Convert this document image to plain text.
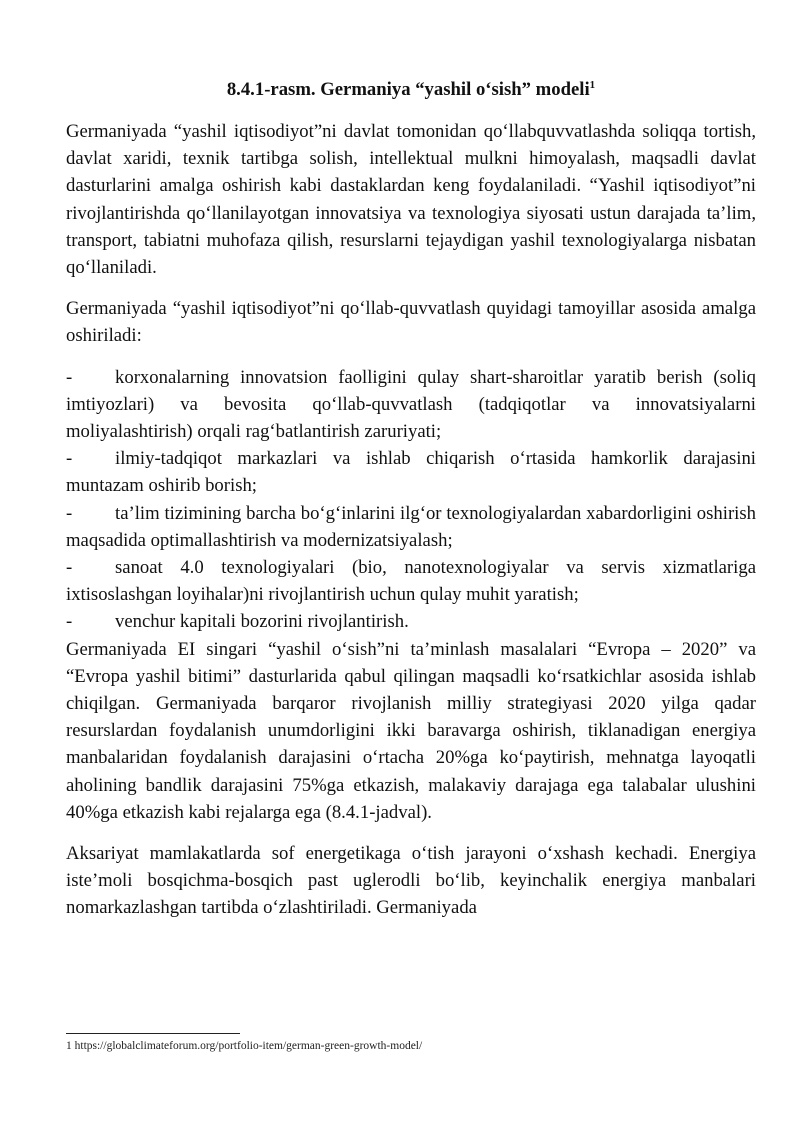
8.4.1-rasm. Germaniya “yashil o‘sish” modeli$^1$

Germaniyada “yashil iqtisodiyot”ni davlat tomonidan qo‘llabquvvatlashda soliqqa tortish, davlat xaridi, texnik tartibga solish, intellektual mulkni himoyalash, maqsadli davlat dasturlarini amalga oshirish kabi dastaklardan keng foydalaniladi. “Yashil iqtisodiyot”ni rivojlantirishda qo‘llanilayotgan innovatsiya va texnologiya siyosati ustun darajada ta’lim, transport, tabiatni muhofaza qilish, resurslarni tejaydigan yashil texnologiyalarga nisbatan qo‘llaniladi.

Germaniyada “yashil iqtisodiyot”ni qo‘llab-quvvatlash quyidagi tamoyillar asosida amalga oshiriladi:

- korxonalarning innovatsion faolligini qulay shart-sharoitlar yaratib berish (soliq imtiyozlari) va bevosita qo‘llab-quvvatlash (tadqiqotlar va innovatsiyalarni moliyalashtirish) orqali rag‘batlantirish zaruriyati;
- ilmiy-tadqiqot markazlari va ishlab chiqarish o‘rtasida hamkorlik darajasini muntazam oshirib borish;
- ta’lim tizimining barcha bo‘g‘inlarini ilg‘or texnologiyalardan xabardorligini oshirish maqsadida optimallashtirish va modernizatsiyalash;
- sanoat 4.0 texnologiyalari (bio, nanotexnologiyalar va servis xizmatlariga ixtisoslashgan loyihalar)ni rivojlantirish uchun qulay muhit yaratish;
- venchur kapitali bozorini rivojlantirish.

Germaniyada EI singari “yashil o‘sish”ni ta’minlash masalalari “Evropa – 2020” va “Evropa yashil bitimi” dasturlarida qabul qilingan maqsadli ko‘rsatkichlar asosida ishlab chiqilgan. Germaniyada barqaror rivojlanish milliy strategiyasi 2020 yilga qadar resurslardan foydalanish unumdorligini ikki baravarga oshirish, tiklanadigan energiya manbalaridan foydalanish darajasini o‘rtacha 20%ga ko‘paytirish, mehnatga layoqatli aholining bandlik darajasini 75%ga etkazish, malakaviy darajaga ega talabalar ulushini 40%ga etkazish kabi rejalarga ega (8.4.1-jadval).

Aksariyat mamlakatlarda sof energetikaga o‘tish jarayoni o‘xshash kechadi. Energiya iste’moli bosqichma-bosqich past uglerodli bo‘lib, keyinchalik energiya manbalari nomarkazlashgan tartibda o‘zlashtiriladi. Germaniyada

1 https://globalclimateforum.org/portfolio-item/german-green-growth-model/
